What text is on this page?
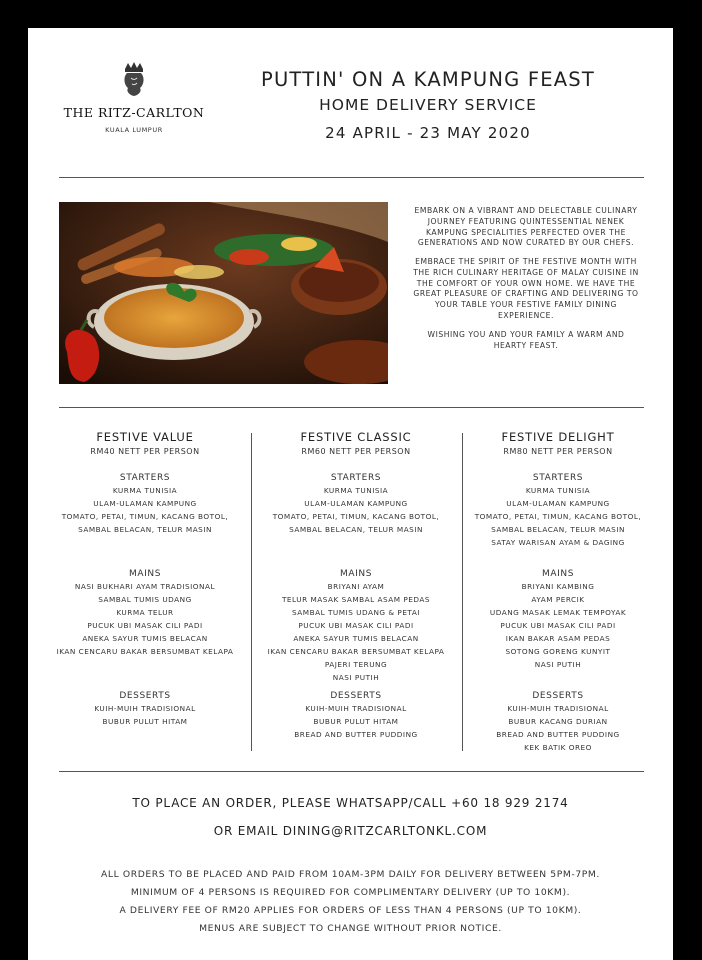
THE RITZ-CARLTON
KUALA LUMPUR
PUTTIN' ON A KAMPUNG FEAST
HOME DELIVERY SERVICE
24 APRIL - 23 MAY 2020

EMBARK ON A VIBRANT AND DELECTABLE CULINARY JOURNEY FEATURING QUINTESSENTIAL NENEK KAMPUNG SPECIALITIES PERFECTED OVER THE GENERATIONS AND NOW CURATED BY OUR CHEFS.

EMBRACE THE SPIRIT OF THE FESTIVE MONTH WITH THE RICH CULINARY HERITAGE OF MALAY CUISINE IN THE COMFORT OF YOUR OWN HOME. WE HAVE THE GREAT PLEASURE OF CRAFTING AND DELIVERING TO YOUR TABLE YOUR FESTIVE FAMILY DINING EXPERIENCE.

WISHING YOU AND YOUR FAMILY A WARM AND HEARTY FEAST.

FESTIVE VALUE
RM40 NETT PER PERSON
STARTERS
KURMA TUNISIA
ULAM-ULAMAN KAMPUNG
TOMATO, PETAI, TIMUN, KACANG BOTOL,
SAMBAL BELACAN, TELUR MASIN
MAINS
NASI BUKHARI AYAM TRADISIONAL
SAMBAL TUMIS UDANG
KURMA TELUR
PUCUK UBI MASAK CILI PADI
ANEKA SAYUR TUMIS BELACAN
IKAN CENCARU BAKAR BERSUMBAT KELAPA
DESSERTS
KUIH-MUIH TRADISIONAL
BUBUR PULUT HITAM
FESTIVE CLASSIC
RM60 NETT PER PERSON
STARTERS
KURMA TUNISIA
ULAM-ULAMAN KAMPUNG
TOMATO, PETAI, TIMUN, KACANG BOTOL,
SAMBAL BELACAN, TELUR MASIN
MAINS
BRIYANI AYAM
TELUR MASAK SAMBAL ASAM PEDAS
SAMBAL TUMIS UDANG & PETAI
PUCUK UBI MASAK CILI PADI
ANEKA SAYUR TUMIS BELACAN
IKAN CENCARU BAKAR BERSUMBAT KELAPA
PAJERI TERUNG
NASI PUTIH
DESSERTS
KUIH-MUIH TRADISIONAL
BUBUR PULUT HITAM
BREAD AND BUTTER PUDDING
FESTIVE DELIGHT
RM80 NETT PER PERSON
STARTERS
KURMA TUNISIA
ULAM-ULAMAN KAMPUNG
TOMATO, PETAI, TIMUN, KACANG BOTOL,
SAMBAL BELACAN, TELUR MASIN
SATAY WARISAN AYAM & DAGING
MAINS
BRIYANI KAMBING
AYAM PERCIK
UDANG MASAK LEMAK TEMPOYAK
PUCUK UBI MASAK CILI PADI
IKAN BAKAR ASAM PEDAS
SOTONG GORENG KUNYIT
NASI PUTIH
DESSERTS
KUIH-MUIH TRADISIONAL
BUBUR KACANG DURIAN
BREAD AND BUTTER PUDDING
KEK BATIK OREO
TO PLACE AN ORDER, PLEASE WHATSAPP/CALL +60 18 929 2174
OR EMAIL DINING@RITZCARLTONKL.COM
ALL ORDERS TO BE PLACED AND PAID FROM 10AM-3PM DAILY FOR DELIVERY BETWEEN 5PM-7PM.
MINIMUM OF 4 PERSONS IS REQUIRED FOR COMPLIMENTARY DELIVERY (UP TO 10KM).
A DELIVERY FEE OF RM20 APPLIES FOR ORDERS OF LESS THAN 4 PERSONS (UP TO 10KM).
MENUS ARE SUBJECT TO CHANGE WITHOUT PRIOR NOTICE.
